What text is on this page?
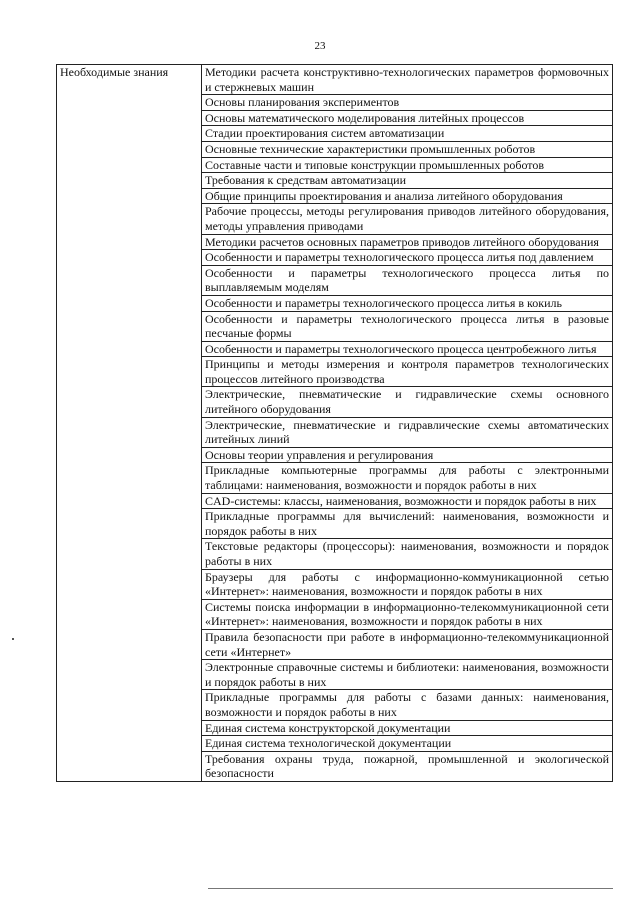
23
Необходимые знания	Методики расчета конструктивно-технологических параметров формовочных и стержневых машин
Основы планирования экспериментов
Основы математического моделирования литейных процессов
Стадии проектирования систем автоматизации
Основные технические характеристики промышленных роботов
Составные части и типовые конструкции промышленных роботов
Требования к средствам автоматизации
Общие принципы проектирования и анализа литейного оборудования
Рабочие процессы, методы регулирования приводов литейного оборудования, методы управления приводами
Методики расчетов основных параметров приводов литейного оборудования
Особенности и параметры технологического процесса литья под давлением
Особенности и параметры технологического процесса литья по выплавляемым моделям
Особенности и параметры технологического процесса литья в кокиль
Особенности и параметры технологического процесса литья в разовые песчаные формы
Особенности и параметры технологического процесса центробежного литья
Принципы и методы измерения и контроля параметров технологических процессов литейного производства
Электрические, пневматические и гидравлические схемы основного литейного оборудования
Электрические, пневматические и гидравлические схемы автоматических литейных линий
Основы теории управления и регулирования
Прикладные компьютерные программы для работы с электронными таблицами: наименования, возможности и порядок работы в них
CAD-системы: классы, наименования, возможности и порядок работы в них
Прикладные программы для вычислений: наименования, возможности и порядок работы в них
Текстовые редакторы (процессоры): наименования, возможности и порядок работы в них
Браузеры для работы с информационно-коммуникационной сетью «Интернет»: наименования, возможности и порядок работы в них
Системы поиска информации в информационно-телекоммуникационной сети «Интернет»: наименования, возможности и порядок работы в них
Правила безопасности при работе в информационно-телекоммуникационной сети «Интернет»
Электронные справочные системы и библиотеки: наименования, возможности и порядок работы в них
Прикладные программы для работы с базами данных: наименования, возможности и порядок работы в них
Единая система конструкторской документации
Единая система технологической документации
Требования охраны труда, пожарной, промышленной и экологической безопасности
